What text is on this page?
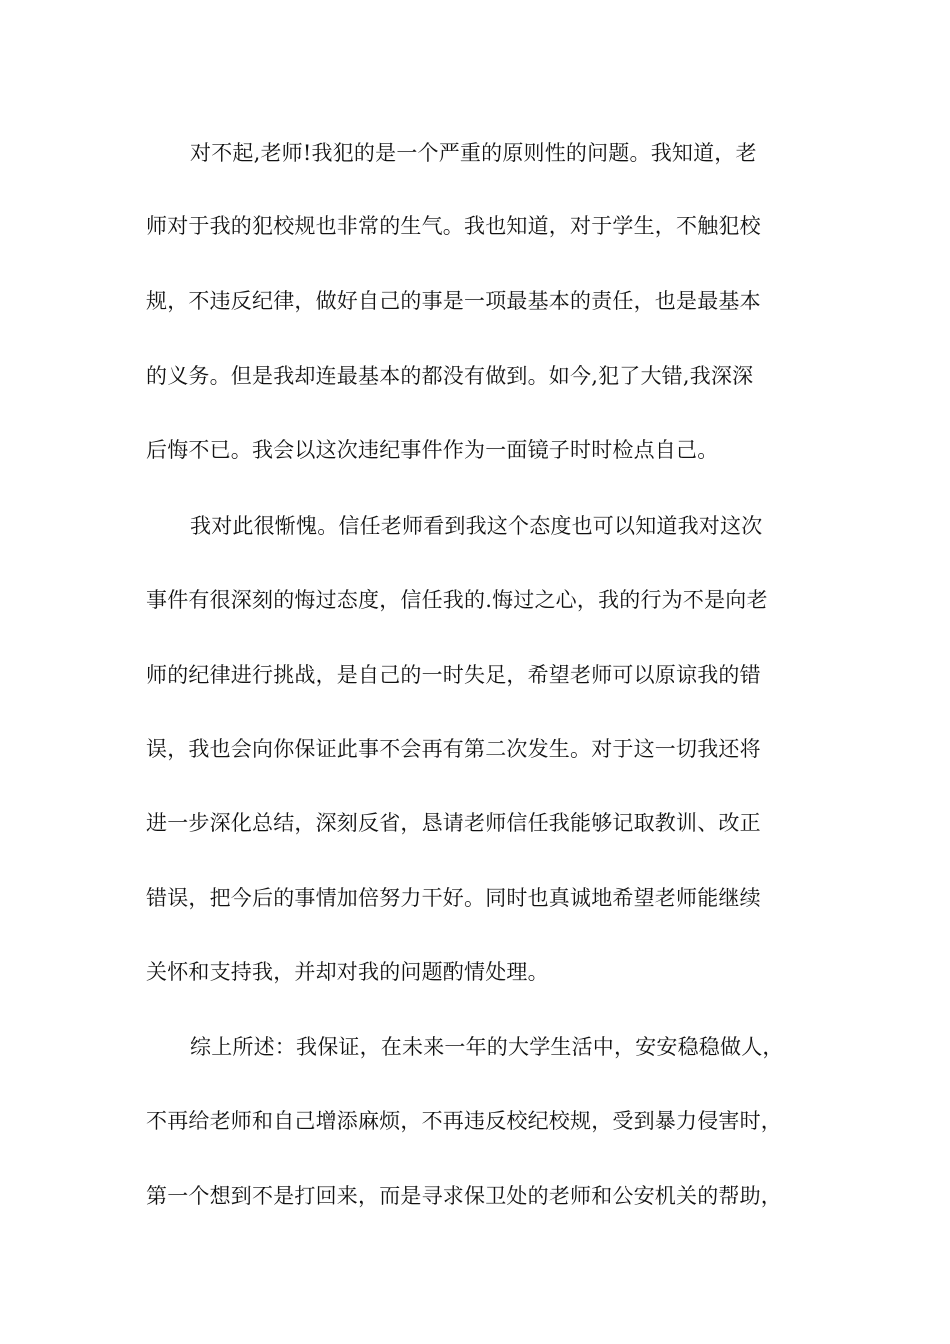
对不起,老师!我犯的是一个严重的原则性的问题。我知道，老
师对于我的犯校规也非常的生气。我也知道，对于学生，不触犯校
规，不违反纪律，做好自己的事是一项最基本的责任，也是最基本
的义务。但是我却连最基本的都没有做到。如今,犯了大错,我深深
后悔不已。我会以这次违纪事件作为一面镜子时时检点自己。
我对此很惭愧。信任老师看到我这个态度也可以知道我对这次
事件有很深刻的悔过态度，信任我的.悔过之心，我的行为不是向老
师的纪律进行挑战，是自己的一时失足，希望老师可以原谅我的错
误，我也会向你保证此事不会再有第二次发生。对于这一切我还将
进一步深化总结，深刻反省，恳请老师信任我能够记取教训、改正
错误，把今后的事情加倍努力干好。同时也真诚地希望老师能继续
关怀和支持我，并却对我的问题酌情处理。
综上所述：我保证，在未来一年的大学生活中，安安稳稳做人，
不再给老师和自己增添麻烦，不再违反校纪校规，受到暴力侵害时，
第一个想到不是打回来，而是寻求保卫处的老师和公安机关的帮助，
